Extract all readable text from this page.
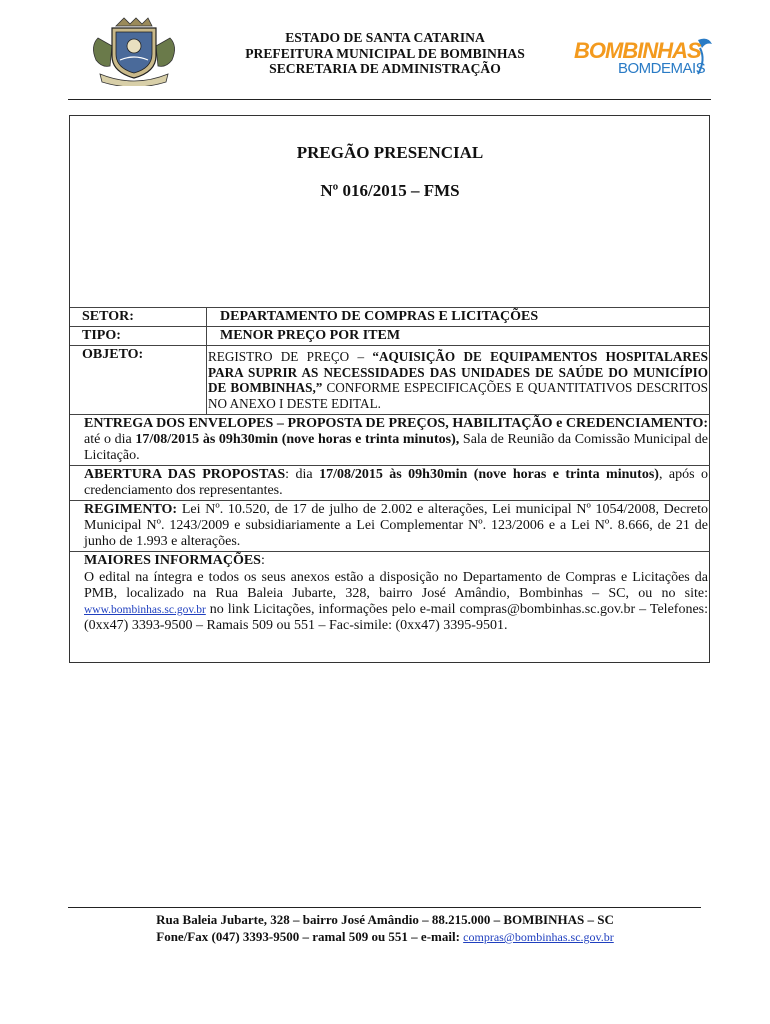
ESTADO DE SANTA CATARINA
PREFEITURA MUNICIPAL DE BOMBINHAS
SECRETARIA DE ADMINISTRAÇÃO
BOMBINHAS
BOMDEMAIS
PREGÃO PRESENCIAL
Nº 016/2015 – FMS
SETOR:	DEPARTAMENTO DE COMPRAS E LICITAÇÕES
TIPO:	MENOR PREÇO POR ITEM
OBJETO:	REGISTRO DE PREÇO – “AQUISIÇÃO DE EQUIPAMENTOS HOSPITALARES PARA SUPRIR AS NECESSIDADES DAS UNIDADES DE SAÚDE DO MUNICÍPIO DE BOMBINHAS,” CONFORME ESPECIFICAÇÕES E QUANTITATIVOS DESCRITOS NO ANEXO I DESTE EDITAL.
ENTREGA DOS ENVELOPES – PROPOSTA DE PREÇOS, HABILITAÇÃO e CREDENCIAMENTO: até o dia 17/08/2015 às 09h30min (nove horas e trinta minutos), Sala de Reunião da Comissão Municipal de Licitação.
ABERTURA DAS PROPOSTAS: dia 17/08/2015 às 09h30min (nove horas e trinta minutos), após o credenciamento dos representantes.
REGIMENTO: Lei Nº. 10.520, de 17 de julho de 2.002 e alterações, Lei municipal Nº 1054/2008, Decreto Municipal Nº. 1243/2009 e subsidiariamente a Lei Complementar Nº. 123/2006 e a Lei Nº. 8.666, de 21 de junho de 1.993 e alterações.
MAIORES INFORMAÇÕES:
O edital na íntegra e todos os seus anexos estão a disposição no Departamento de Compras e Licitações da PMB, localizado na Rua Baleia Jubarte, 328, bairro José Amândio, Bombinhas – SC, ou no site: www.bombinhas.sc.gov.br no link Licitações, informações pelo e-mail compras@bombinhas.sc.gov.br – Telefones: (0xx47) 3393-9500 – Ramais 509 ou 551 – Fac-simile: (0xx47) 3395-9501.
Rua Baleia Jubarte, 328 – bairro José Amândio – 88.215.000 – BOMBINHAS – SC
Fone/Fax (047) 3393-9500 – ramal 509 ou 551 – e-mail: compras@bombinhas.sc.gov.br
